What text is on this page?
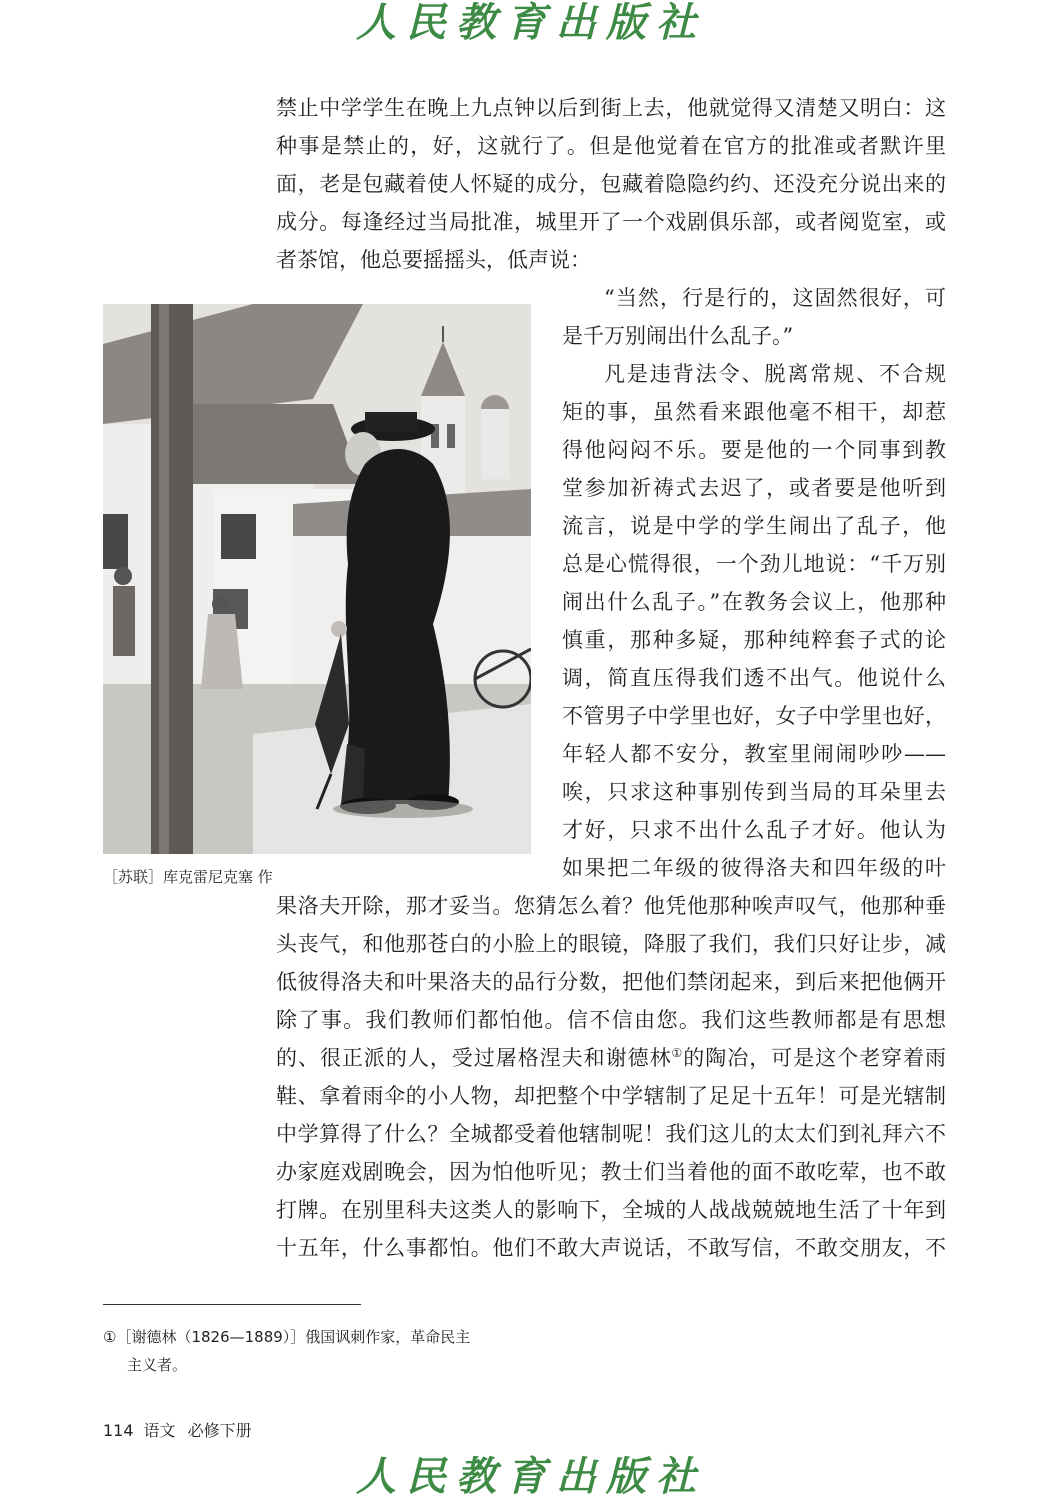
人民教育出版社
禁止中学学生在晚上九点钟以后到街上去，他就觉得又清楚又明白：这
种事是禁止的，好，这就行了。但是他觉着在官方的批准或者默许里
面，老是包藏着使人怀疑的成分，包藏着隐隐约约、还没充分说出来的
成分。每逢经过当局批准，城里开了一个戏剧俱乐部，或者阅览室，或
者茶馆，他总要摇摇头，低声说：
“当然，行是行的，这固然很好，可
是千万别闹出什么乱子。”
凡是违背法令、脱离常规、不合规
矩的事，虽然看来跟他毫不相干，却惹
得他闷闷不乐。要是他的一个同事到教
堂参加祈祷式去迟了，或者要是他听到
流言，说是中学的学生闹出了乱子，他
总是心慌得很，一个劲儿地说：“千万别
闹出什么乱子。”在教务会议上，他那种
慎重，那种多疑，那种纯粹套子式的论
调，简直压得我们透不出气。他说什么
不管男子中学里也好，女子中学里也好，
年轻人都不安分，教室里闹闹吵吵——
唉，只求这种事别传到当局的耳朵里去
才好，只求不出什么乱子才好。他认为
如果把二年级的彼得洛夫和四年级的叶
果洛夫开除，那才妥当。您猜怎么着？他凭他那种唉声叹气，他那种垂
头丧气，和他那苍白的小脸上的眼镜，降服了我们，我们只好让步，减
低彼得洛夫和叶果洛夫的品行分数，把他们禁闭起来，到后来把他俩开
除了事。我们教师们都怕他。信不信由您。我们这些教师都是有思想
的、很正派的人，受过屠格涅夫和谢德林①的陶冶，可是这个老穿着雨
鞋、拿着雨伞的小人物，却把整个中学辖制了足足十五年！可是光辖制
中学算得了什么？全城都受着他辖制呢！我们这儿的太太们到礼拜六不
办家庭戏剧晚会，因为怕他听见；教士们当着他的面不敢吃荤，也不敢
打牌。在别里科夫这类人的影响下，全城的人战战兢兢地生活了十年到
十五年，什么事都怕。他们不敢大声说话，不敢写信，不敢交朋友，不
［苏联］库克雷尼克塞 作
①［谢德林（1826—1889）］俄国讽刺作家，革命民主
主义者。
114 语文 必修下册
人民教育出版社
